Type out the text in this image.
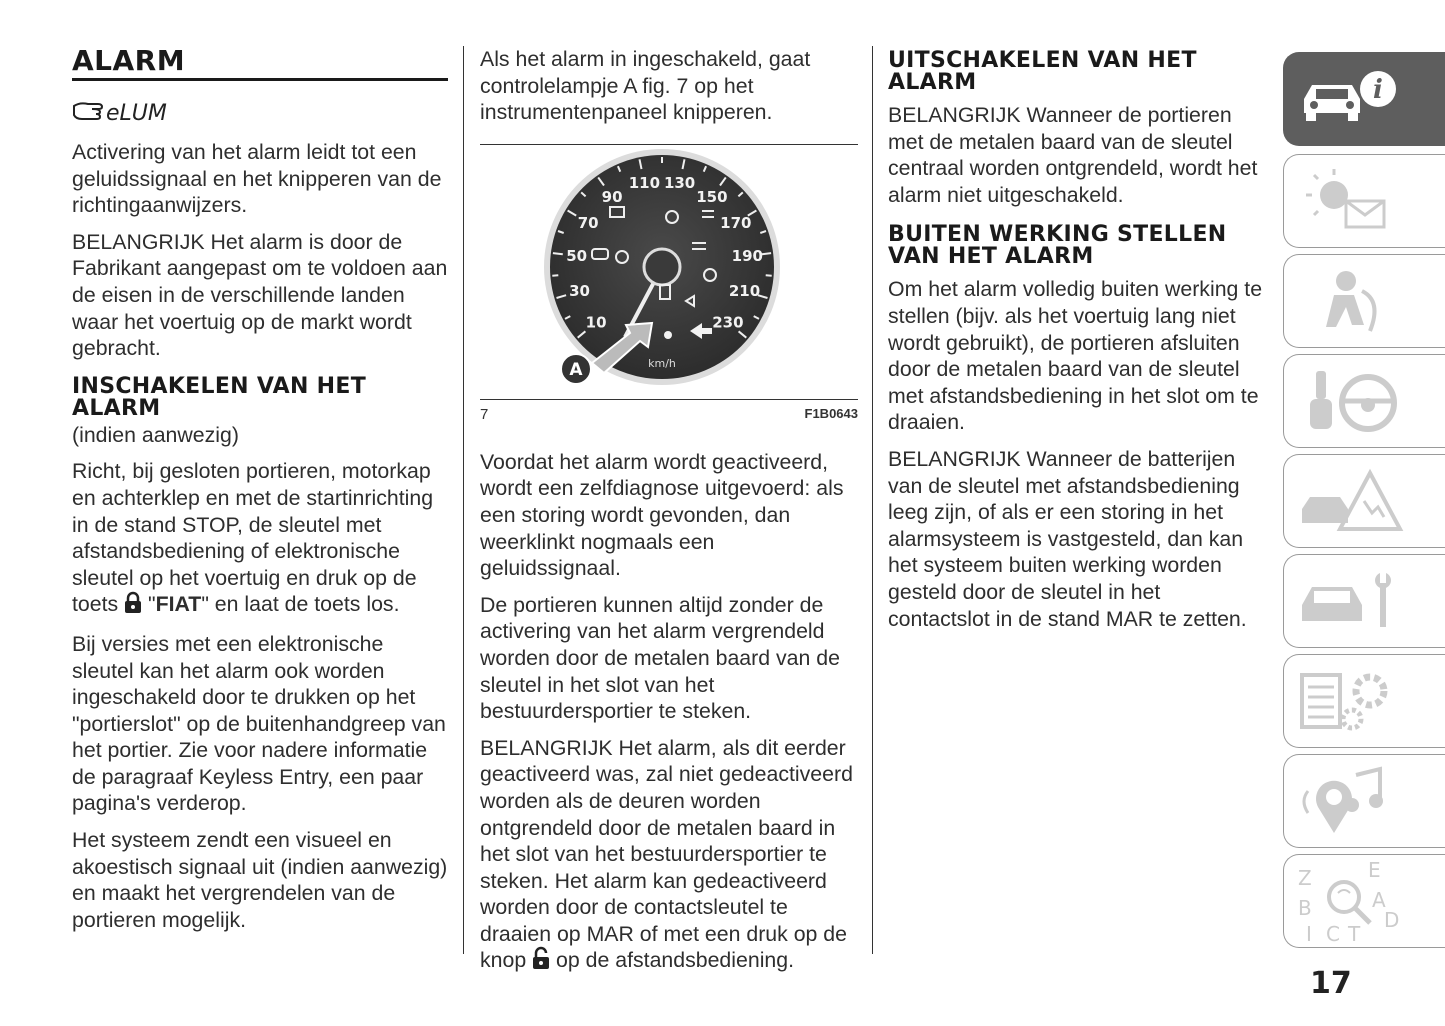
ALARM
eLUM

Activering van het alarm leidt tot een geluidssignaal en het knipperen van de richtingaanwijzers.

BELANGRIJK Het alarm is door de Fabrikant aangepast om te voldoen aan de eisen in de verschillende landen waar het voertuig op de markt wordt gebracht.

INSCHAKELEN VAN HET ALARM

(indien aanwezig)

Richt, bij gesloten portieren, motorkap en achterklep en met de startinrichting in de stand STOP, de sleutel met afstandsbediening of elektronische sleutel op het voertuig en druk op de toets  "FIAT" en laat de toets los.

Bij versies met een elektronische sleutel kan het alarm ook worden ingeschakeld door te drukken op het "portierslot" op de buitenhandgreep van het portier. Zie voor nadere informatie de paragraaf Keyless Entry, een paar pagina's verderop.

Het systeem zendt een visueel en akoestisch signaal uit (indien aanwezig) en maakt het vergrendelen van de portieren mogelijk.

Als het alarm in ingeschakeld, gaat controlelampje A fig. 7 op het instrumentenpaneel knipperen.

10
30
50
70
90
110 130
150
170
190
210
230
km/h
A
7	F1B0643

Voordat het alarm wordt geactiveerd, wordt een zelfdiagnose uitgevoerd: als een storing wordt gevonden, dan weerklinkt nogmaals een geluidssignaal.

De portieren kunnen altijd zonder de activering van het alarm vergrendeld worden door de metalen baard van de sleutel in het slot van het bestuurdersportier te steken.

BELANGRIJK Het alarm, als dit eerder geactiveerd was, zal niet gedeactiveerd worden als de deuren worden ontgrendeld door de metalen baard in het slot van het bestuurdersportier te steken. Het alarm kan gedeactiveerd worden door de contactsleutel te draaien op MAR of met een druk op de knop  op de afstandsbediening.

UITSCHAKELEN VAN HET ALARM

BELANGRIJK Wanneer de portieren met de metalen baard van de sleutel centraal worden ontgrendeld, wordt het alarm niet uitgeschakeld.

BUITEN WERKING STELLEN VAN HET ALARM

Om het alarm volledig buiten werking te stellen (bijv. als het voertuig lang niet wordt gebruikt), de portieren afsluiten door de metalen baard van de sleutel met afstandsbediening in het slot om te draaien.

BELANGRIJK Wanneer de batterijen van de sleutel met afstandsbediening leeg zijn, of als er een storing in het alarmsysteem is vastgesteld, dan kan het systeem buiten werking worden gesteld door de sleutel in het contactslot in de stand MAR te zetten.

i
Z	E
B	A
I C T
D
17
